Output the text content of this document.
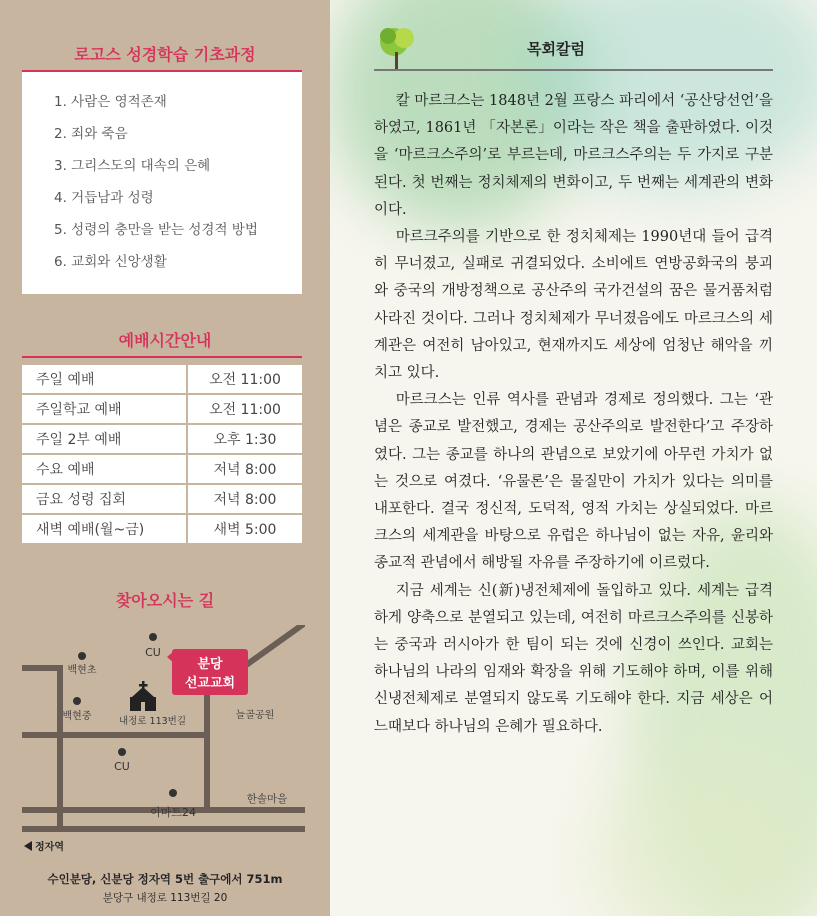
로고스 성경학습 기초과정
1. 사람은 영적존재
2. 죄와 죽음
3. 그리스도의 대속의 은혜
4. 거듭남과 성령
5. 성령의 충만을 받는 성경적 방법
6. 교회와 신앙생활
예배시간안내
주일 예배	오전 11:00
주일학교 예배	오전 11:00
주일 2부 예배	오후 1:30
수요 예배	저녁 8:00
금요 성령 집회	저녁 8:00
새벽 예배(월~금)	새벽 5:00
찾아오시는 길
CU
백현초
백현중
CU
이마트24
내정로 113번길
늘골공원
한솔마을
분당
선교교회
정자역
수인분당, 신분당 정자역 5번 출구에서 751m
분당구 내정로 113번길 20
목회칼럼

칼 마르크스는 1848년 2월 프랑스 파리에서 ‘공산당선언’을 하였고, 1861년 「자본론」이라는 작은 책을 출판하였다. 이것을 ‘마르크스주의’로 부르는데, 마르크스주의는 두 가지로 구분된다. 첫 번째는 정치체제의 변화이고, 두 번째는 세계관의 변화이다.

마르크주의를 기반으로 한 정치체제는 1990년대 들어 급격히 무너졌고, 실패로 귀결되었다. 소비에트 연방공화국의 붕괴와 중국의 개방정책으로 공산주의 국가건설의 꿈은 물거품처럼 사라진 것이다. 그러나 정치체제가 무너졌음에도 마르크스의 세계관은 여전히 남아있고, 현재까지도 세상에 엄청난 해악을 끼치고 있다.

마르크스는 인류 역사를 관념과 경제로 정의했다. 그는 ‘관념은 종교로 발전했고, 경제는 공산주의로 발전한다’고 주장하였다. 그는 종교를 하나의 관념으로 보았기에 아무런 가치가 없는 것으로 여겼다. ‘유물론’은 물질만이 가치가 있다는 의미를 내포한다. 결국 정신적, 도덕적, 영적 가치는 상실되었다. 마르크스의 세계관을 바탕으로 유럽은 하나님이 없는 자유, 윤리와 종교적 관념에서 해방될 자유를 주장하기에 이르렀다.

지금 세계는 신(新)냉전체제에 돌입하고 있다. 세계는 급격하게 양축으로 분열되고 있는데, 여전히 마르크스주의를 신봉하는 중국과 러시아가 한 팀이 되는 것에 신경이 쓰인다. 교회는 하나님의 나라의 임재와 확장을 위해 기도해야 하며, 이를 위해 신냉전체제로 분열되지 않도록 기도해야 한다. 지금 세상은 어느때보다 하나님의 은혜가 필요하다.
